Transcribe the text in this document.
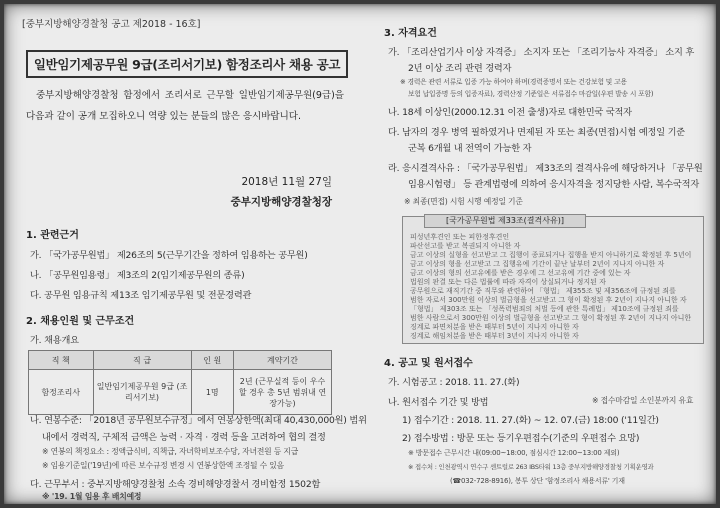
[중부지방해양경찰청 공고 제2018 - 16호]
일반임기제공무원 9급(조리서기보) 함정조리사 채용 공고
중부지방해양경찰청 함정에서 조리서로 근무할 일반임기제공무원(9급)을 다음과 같이 공개 모집하오니 역량 있는 분들의 많은 응시바랍니다.
2018년 11월 27일
중부지방해양경찰청장
1. 관련근거
가. 「국가공무원법」 제26조의 5(근무기간을 정하여 임용하는 공무원)
나. 「공무원임용령」 제3조의 2(임기제공무원의 종류)
다. 공무원 임용규칙 제13조 임기제공무원 및 전문경력관
2. 채용인원 및 근무조건
가. 채용개요
직 책	직 급	인 원	계약기간
함정조리사	일반임기제공무원 9급 (조리서기보)	1명	2년 (근무실적 등이 우수할 경우 총 5년 범위내 연장가능)
나. 연봉수준: 「2018년 공무원보수규정」에서 연봉상한액(최대 40,430,000원) 범위
내에서 경력직, 구체적 금액은 능력 · 자격 · 경력 등을 고려하여 협의 결정
※ 연봉의 책정요소 : 정액급식비, 직책급, 자녀학비보조수당, 자녀전원 등 지급
※ 임용기준일('19년)에 따른 보수규정 변경 시 연봉상한액 조정될 수 있음
다. 근무부서 : 중부지방해양경찰청 소속 경비해양경찰서 경비함정 1502함
※ '19. 1월 임용 후 배치예정
3. 자격요건
가. 「조리산업기사 이상 자격증」 소지자 또는 「조리기능사 자격증」 소지 후
2년 이상 조리 관련 경력자
※ 경력은 관련 서류로 입증 가능 하여야 하며(경력증명서 또는 건강보험 및 고용
보험 납입증명 등의 입증자료), 경력산정 기준일은 서류접수 마감일(우편 발송 시 포함)
나. 18세 이상인(2000.12.31 이전 출생)자로 대한민국 국적자
다. 남자의 경우 병역 필하였거나 면제된 자 또는 최종(면접)시험 예정일 기준
군복 6개월 내 전역이 가능한 자
라. 응시결격사유 : 「국가공무원법」 제33조의 결격사유에 해당하거나 「공무원
임용시험령」 등 관계법령에 의하여 응시자격을 정지당한 사람, 복수국적자
※ 최종(면접) 시험 시행 예정일 기준
[국가공무원법 제33조(결격사유)]
피성년후견인 또는 피한정후견인
파산선고를 받고 복권되지 아니한 자
금고 이상의 실형을 선고받고 그 집행이 종료되거나 집행을 받지 아니하기로 확정된 후 5년이
금고 이상의 형을 선고받고 그 집행유예 기간이 끝난 날부터 2년이 지나지 아니한 자
금고 이상의 형의 선고유예를 받은 경우에 그 선고유예 기간 중에 있는 자
법원의 판결 또는 다른 법률에 따라 자격이 상실되거나 정지된 자
공무원으로 재직기간 중 직무와 관련하여 「형법」 제355조 및 제356조에 규정된 죄를
범한 자로서 300만원 이상의 벌금형을 선고받고 그 형이 확정된 후 2년이 지나지 아니한 자
「형법」 제303조 또는 「성폭력범죄의 처벌 등에 관한 특례법」 제10조에 규정된 죄를
범한 사람으로서 300만원 이상의 벌금형을 선고받고 그 형이 확정된 후 2년이 지나지 아니한
징계로 파면처분을 받은 때부터 5년이 지나지 아니한 자
징계로 해임처분을 받은 때부터 3년이 지나지 아니한 자
4. 공고 및 원서접수
가. 시험공고 : 2018. 11. 27.(화)
나. 원서접수 기간 및 방법	※ 접수마감일 소인분까지 유효
1) 접수기간 : 2018. 11. 27.(화) ~ 12. 07.(금) 18:00 ('11일간)
2) 접수방법 : 방문 또는 등기우편접수(기준의 우편접수 요망)
※ 방문접수 근무시간 내(09:00~18:00, 점심시간 12:00~13:00 제외)
※ 접수처 : 인천광역시 연수구 센트럴로 263 IBS타워 13층 중부지방해양경찰청 기획운영과
(☎032-728-8916), 봉투 상단 '함정조리사 채용서류' 기재
